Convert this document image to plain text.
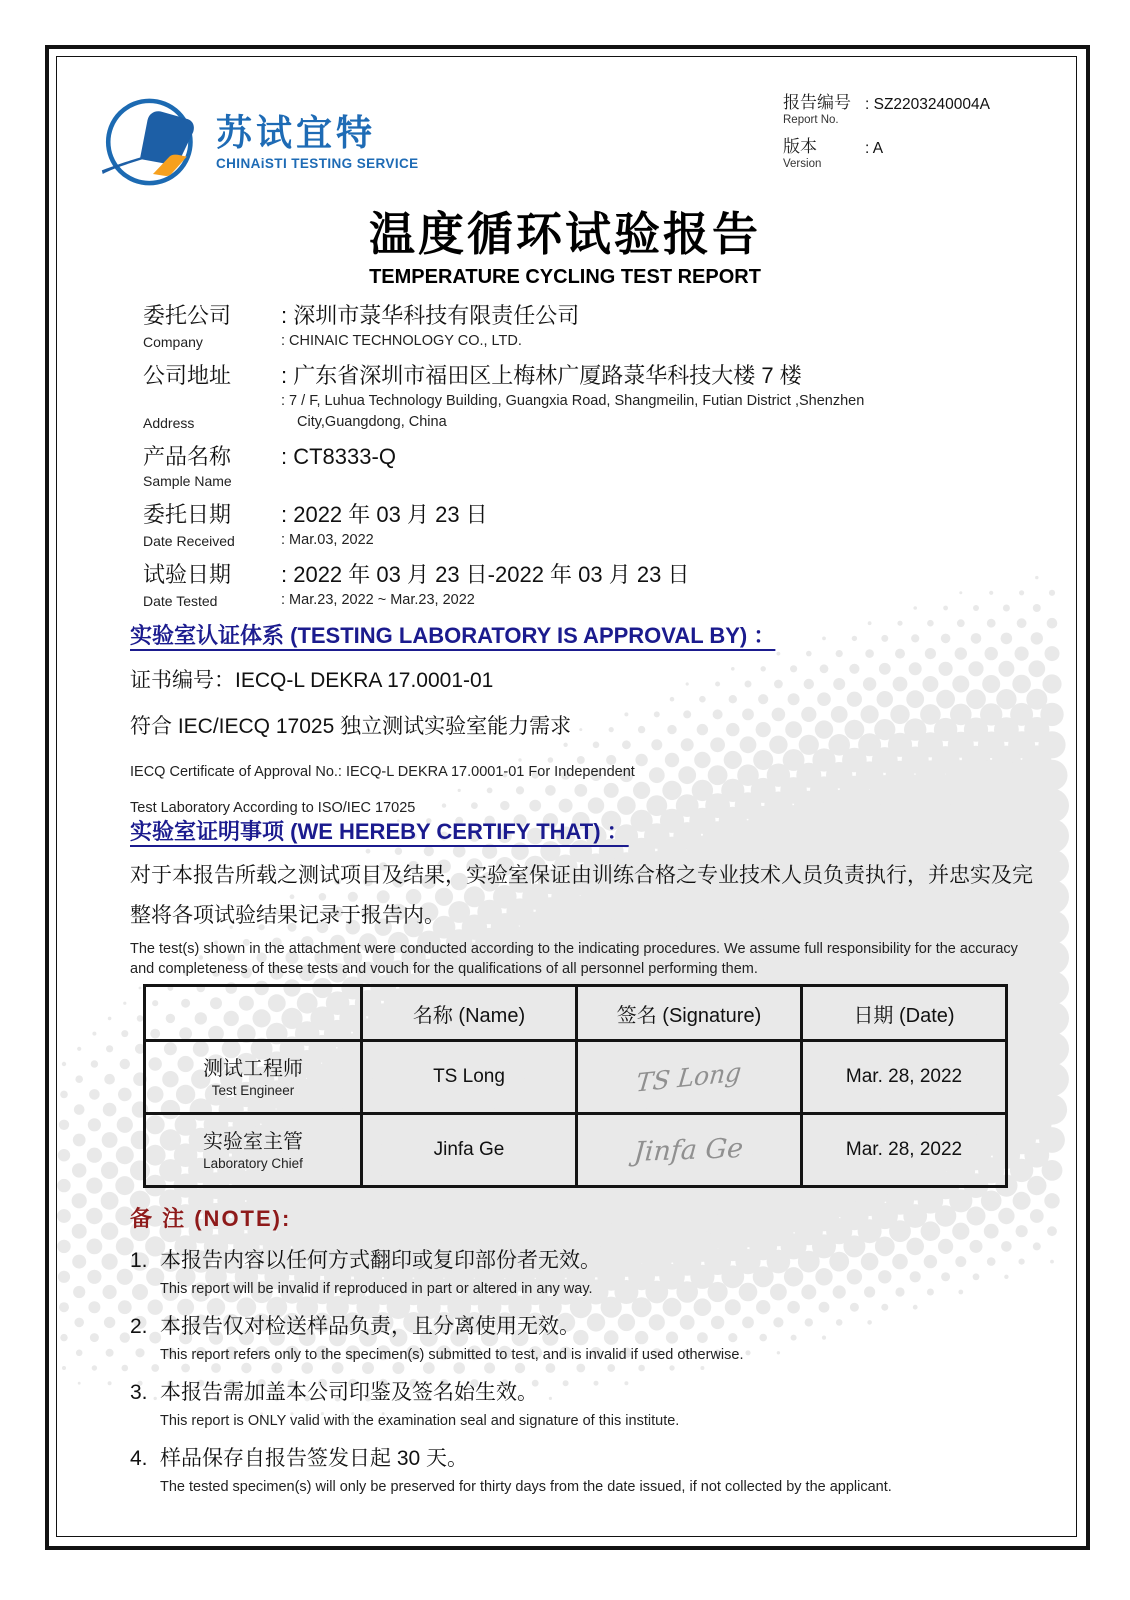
苏试宜特
CHINAiSTI TESTING SERVICE
报告编号
Report No.
: SZ2203240004A
版本
Version
: A
温度循环试验报告
TEMPERATURE CYCLING TEST REPORT
委托公司
Company
: 深圳市菉华科技有限责任公司
: CHINAIC TECHNOLOGY CO., LTD.
公司地址
Address
: 广东省深圳市福田区上梅林广厦路菉华科技大楼 7 楼
: 7 / F, Luhua Technology Building, Guangxia Road, Shangmeilin, Futian District ,Shenzhen
City,Guangdong, China
产品名称
Sample Name
: CT8333-Q
委托日期
Date Received
: 2022 年 03 月 23 日
: Mar.03, 2022
试验日期
Date Tested
: 2022 年 03 月 23 日-2022 年 03 月 23 日
: Mar.23, 2022 ~ Mar.23, 2022
实验室认证体系 (TESTING LABORATORY IS APPROVAL BY) ：
证书编号：IECQ-L DEKRA 17.0001-01
符合 IEC/IECQ 17025 独立测试实验室能力需求
IECQ Certificate of Approval No.: IECQ-L DEKRA 17.0001-01 For Independent
Test Laboratory According to ISO/IEC 17025
实验室证明事项 (WE HEREBY CERTIFY THAT) ：
对于本报告所载之测试项目及结果，实验室保证由训练合格之专业技术人员负责执行，并忠实及完整将各项试验结果记录于报告内。
The test(s) shown in the attachment were conducted according to the indicating procedures. We assume full responsibility for the accuracy and completeness of these tests and vouch for the qualifications of all personnel performing them.
	名称 (Name)	签名 (Signature)	日期 (Date)

测试工程师
Test Engineer	TS Long	TS Long	Mar. 28, 2022

实验室主管
Laboratory Chief	Jinfa Ge	Jinfa Ge	Mar. 28, 2022
备 注 (NOTE):
1. 本报告内容以任何方式翻印或复印部份者无效。
This report will be invalid if reproduced in part or altered in any way.
2. 本报告仅对检送样品负责，且分离使用无效。
This report refers only to the specimen(s) submitted to test, and is invalid if used otherwise.
3. 本报告需加盖本公司印鉴及签名始生效。
This report is ONLY valid with the examination seal and signature of this institute.
4. 样品保存自报告签发日起 30 天。
The tested specimen(s) will only be preserved for thirty days from the date issued, if not collected by the applicant.
